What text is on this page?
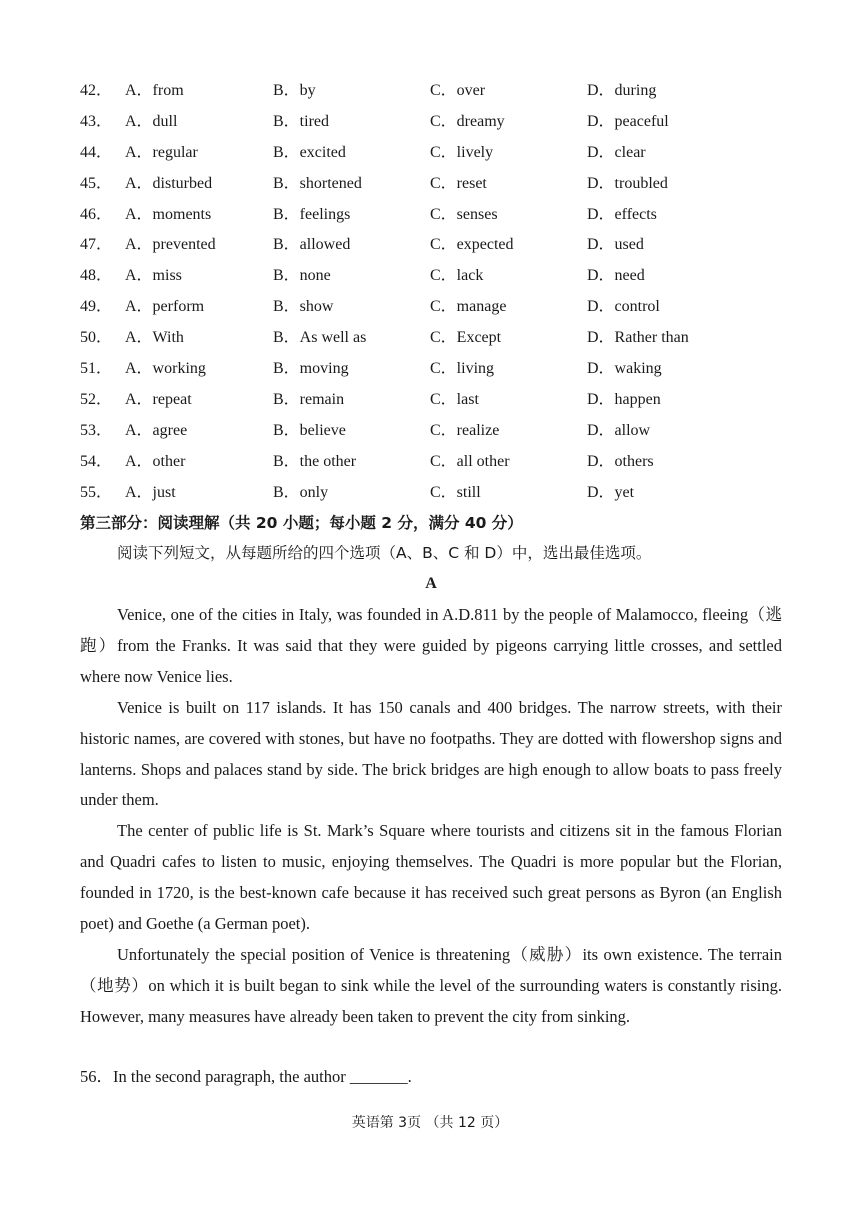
42． A．from	B．by	C．over	D．during
43． A．dull	B．tired	C．dreamy	D．peaceful
44． A．regular	B．excited	C．lively	D．clear
45． A．disturbed	B．shortened	C．reset	D．troubled
46． A．moments	B．feelings	C．senses	D．effects
47． A．prevented	B．allowed	C．expected	D．used
48． A．miss	B．none	C．lack	D．need
49． A．perform	B．show	C．manage	D．control
50． A．With	B．As well as	C．Except	D．Rather than
51． A．working	B．moving	C．living	D．waking
52． A．repeat	B．remain	C．last	D．happen
53． A．agree	B．believe	C．realize	D．allow
54． A．other	B．the other	C．all other	D．others
55． A．just	B．only	C．still	D．yet
第三部分：阅读理解（共 20 小题；每小题 2 分，满分 40 分）
阅读下列短文，从每题所给的四个选项（A、B、C 和 D）中，选出最佳选项。
A

Venice, one of the cities in Italy, was founded in A.D.811 by the people of Malamocco, fleeing（逃跑）from the Franks. It was said that they were guided by pigeons carrying little crosses, and settled where now Venice lies.

Venice is built on 117 islands. It has 150 canals and 400 bridges. The narrow streets, with their historic names, are covered with stones, but have no footpaths. They are dotted with flowershop signs and lanterns. Shops and palaces stand by side. The brick bridges are high enough to allow boats to pass freely under them.

The center of public life is St. Mark’s Square where tourists and citizens sit in the famous Florian and Quadri cafes to listen to music, enjoying themselves. The Quadri is more popular but the Florian, founded in 1720, is the best-known cafe because it has received such great persons as Byron (an English poet) and Goethe (a German poet).

Unfortunately the special position of Venice is threatening（威胁）its own existence. The terrain（地势）on which it is built began to sink while the level of the surrounding waters is constantly rising. However, many measures have already been taken to prevent the city from sinking.

56．In the second paragraph, the author _______.
英语第 3页 （共 12 页）
